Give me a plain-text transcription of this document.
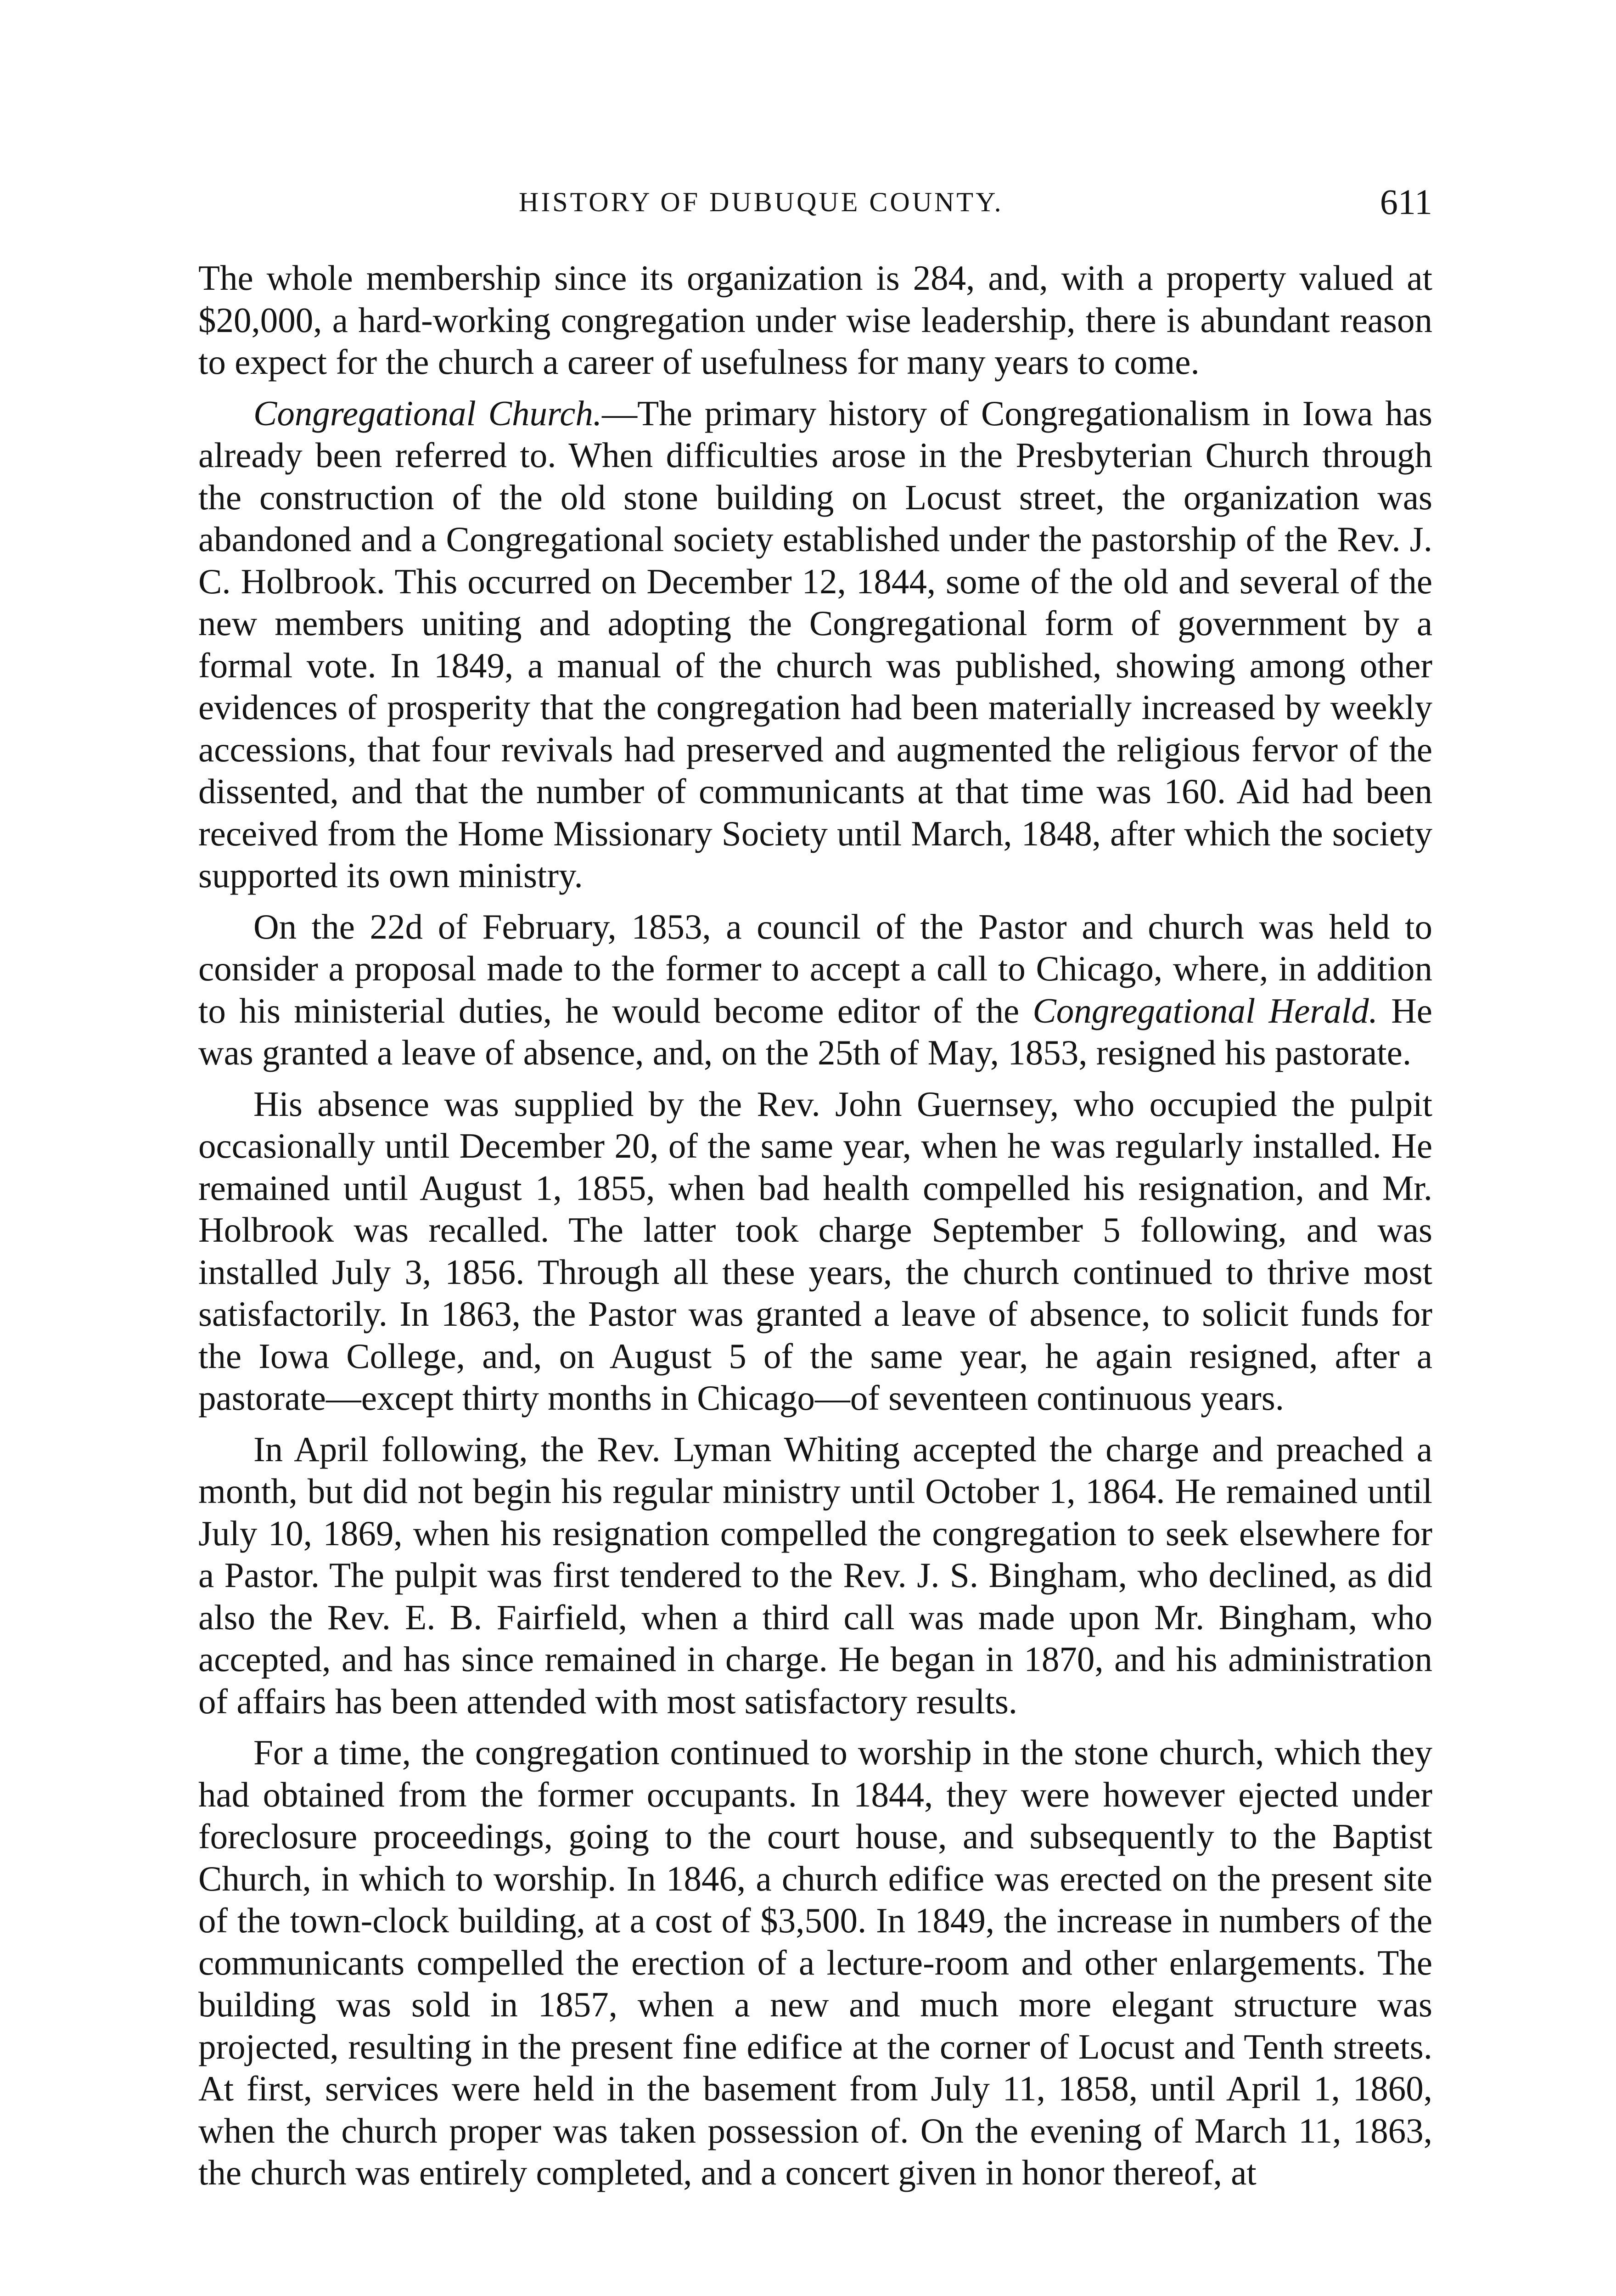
HISTORY OF DUBUQUE COUNTY.	611

The whole membership since its organization is 284, and, with a property valued at $20,000, a hard-working congregation under wise leadership, there is abundant reason to expect for the church a career of usefulness for many years to come.

Congregational Church.—The primary history of Congregationalism in Iowa has already been referred to. When difficulties arose in the Presbyterian Church through the construction of the old stone building on Locust street, the organization was abandoned and a Congregational society established under the pastorship of the Rev. J. C. Holbrook. This occurred on December 12, 1844, some of the old and several of the new members uniting and adopting the Congregational form of government by a formal vote. In 1849, a manual of the church was published, showing among other evidences of prosperity that the congregation had been materially increased by weekly accessions, that four revivals had preserved and augmented the religious fervor of the dissented, and that the number of communicants at that time was 160. Aid had been received from the Home Missionary Society until March, 1848, after which the society supported its own ministry.

On the 22d of February, 1853, a council of the Pastor and church was held to consider a proposal made to the former to accept a call to Chicago, where, in addition to his ministerial duties, he would become editor of the Congregational Herald. He was granted a leave of absence, and, on the 25th of May, 1853, resigned his pastorate.

His absence was supplied by the Rev. John Guernsey, who occupied the pulpit occasionally until December 20, of the same year, when he was regularly installed. He remained until August 1, 1855, when bad health compelled his resignation, and Mr. Holbrook was recalled. The latter took charge September 5 following, and was installed July 3, 1856. Through all these years, the church continued to thrive most satisfactorily. In 1863, the Pastor was granted a leave of absence, to solicit funds for the Iowa College, and, on August 5 of the same year, he again resigned, after a pastorate—except thirty months in Chicago—of seventeen continuous years.

In April following, the Rev. Lyman Whiting accepted the charge and preached a month, but did not begin his regular ministry until October 1, 1864. He remained until July 10, 1869, when his resignation compelled the congregation to seek elsewhere for a Pastor. The pulpit was first tendered to the Rev. J. S. Bingham, who declined, as did also the Rev. E. B. Fairfield, when a third call was made upon Mr. Bingham, who accepted, and has since remained in charge. He began in 1870, and his administration of affairs has been attended with most satisfactory results.

For a time, the congregation continued to worship in the stone church, which they had obtained from the former occupants. In 1844, they were however ejected under foreclosure proceedings, going to the court house, and subsequently to the Baptist Church, in which to worship. In 1846, a church edifice was erected on the present site of the town-clock building, at a cost of $3,500. In 1849, the increase in numbers of the communicants compelled the erection of a lecture-room and other enlargements. The building was sold in 1857, when a new and much more elegant structure was projected, resulting in the present fine edifice at the corner of Locust and Tenth streets. At first, services were held in the basement from July 11, 1858, until April 1, 1860, when the church proper was taken possession of. On the evening of March 11, 1863, the church was entirely completed, and a concert given in honor thereof, at
